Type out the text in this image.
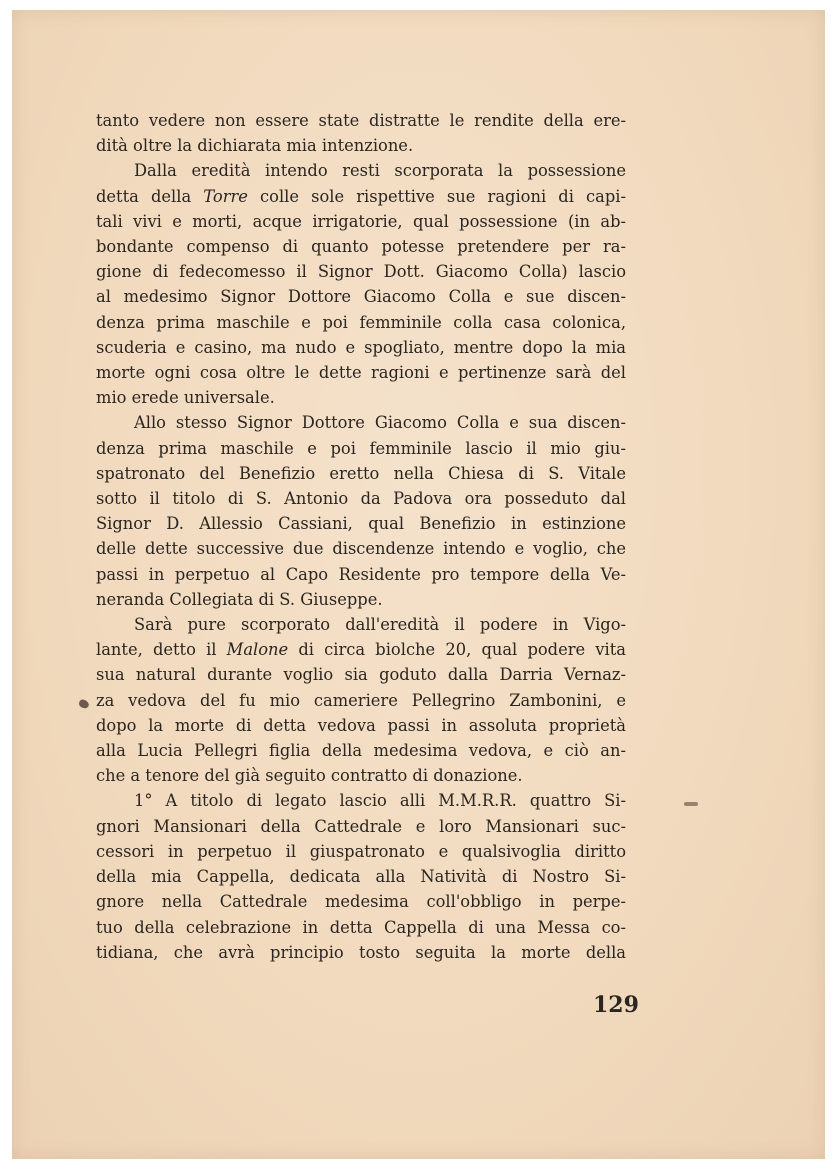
tanto vedere non essere state distratte le rendite della ere-
dità oltre la dichiarata mia intenzione.
Dalla eredità intendo resti scorporata la possessione
detta della Torre colle sole rispettive sue ragioni di capi-
tali vivi e morti, acque irrigatorie, qual possessione (in ab-
bondante compenso di quanto potesse pretendere per ra-
gione di fedecomesso il Signor Dott. Giacomo Colla) lascio
al medesimo Signor Dottore Giacomo Colla e sue discen-
denza prima maschile e poi femminile colla casa colonica,
scuderia e casino, ma nudo e spogliato, mentre dopo la mia
morte ogni cosa oltre le dette ragioni e pertinenze sarà del
mio erede universale.
Allo stesso Signor Dottore Giacomo Colla e sua discen-
denza prima maschile e poi femminile lascio il mio giu-
spatronato del Benefizio eretto nella Chiesa di S. Vitale
sotto il titolo di S. Antonio da Padova ora posseduto dal
Signor D. Allessio Cassiani, qual Benefizio in estinzione
delle dette successive due discendenze intendo e voglio, che
passi in perpetuo al Capo Residente pro tempore della Ve-
neranda Collegiata di S. Giuseppe.
Sarà pure scorporato dall'eredità il podere in Vigo-
lante, detto il Malone di circa biolche 20, qual podere vita
sua natural durante voglio sia goduto dalla Darria Vernaz-
za vedova del fu mio cameriere Pellegrino Zambonini, e
dopo la morte di detta vedova passi in assoluta proprietà
alla Lucia Pellegri figlia della medesima vedova, e ciò an-
che a tenore del già seguito contratto di donazione.
1° A titolo di legato lascio alli M.M.R.R. quattro Si-
gnori Mansionari della Cattedrale e loro Mansionari suc-
cessori in perpetuo il giuspatronato e qualsivoglia diritto
della mia Cappella, dedicata alla Natività di Nostro Si-
gnore nella Cattedrale medesima coll'obbligo in perpe-
tuo della celebrazione in detta Cappella di una Messa co-
tidiana, che avrà principio tosto seguita la morte della
129
